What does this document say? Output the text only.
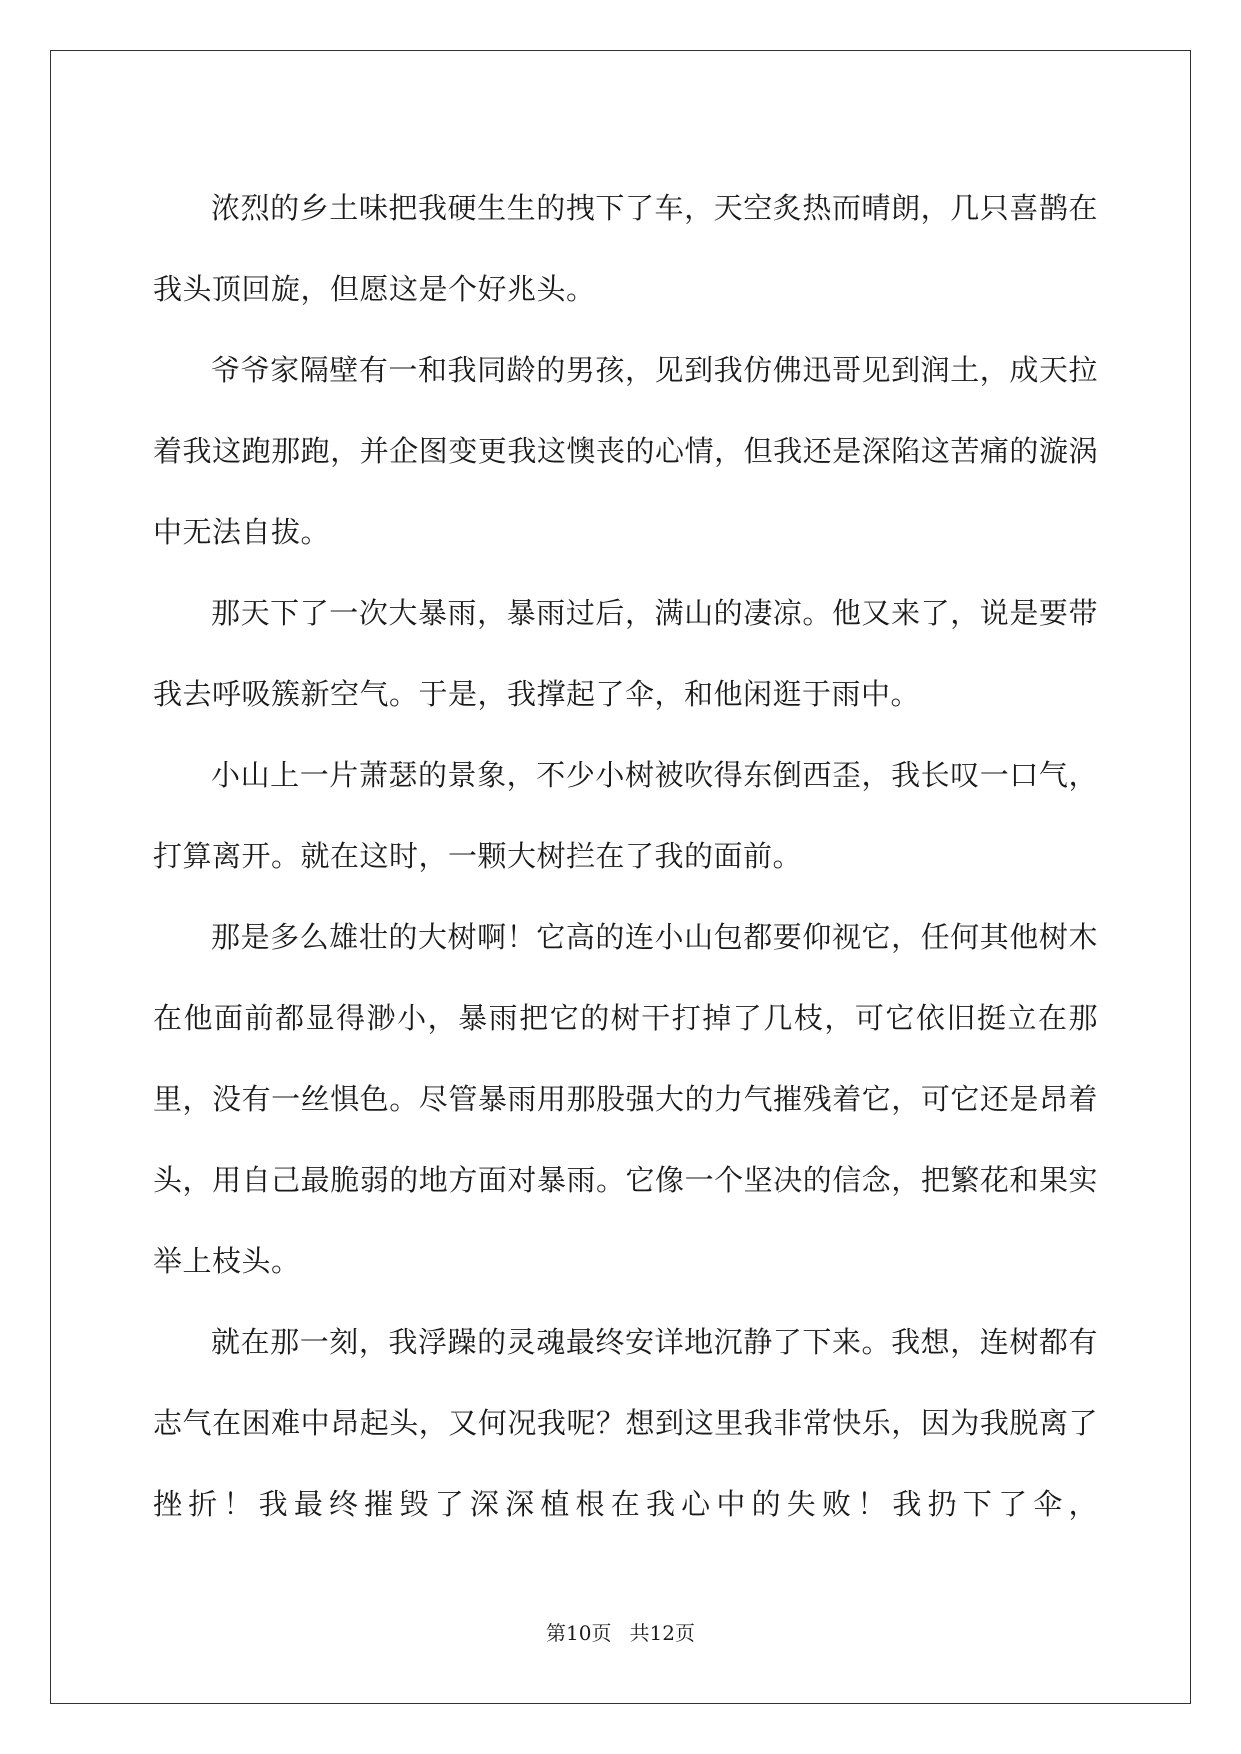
浓烈的乡土味把我硬生生的拽下了车，天空炙热而晴朗，几只喜鹊在我头顶回旋，但愿这是个好兆头。

爷爷家隔壁有一和我同龄的男孩，见到我仿佛迅哥见到润土，成天拉着我这跑那跑，并企图变更我这懊丧的心情，但我还是深陷这苦痛的漩涡中无法自拔。

那天下了一次大暴雨，暴雨过后，满山的凄凉。他又来了，说是要带我去呼吸簇新空气。于是，我撑起了伞，和他闲逛于雨中。

小山上一片萧瑟的景象，不少小树被吹得东倒西歪，我长叹一口气，打算离开。就在这时，一颗大树拦在了我的面前。

那是多么雄壮的大树啊！它高的连小山包都要仰视它，任何其他树木在他面前都显得渺小，暴雨把它的树干打掉了几枝，可它依旧挺立在那里，没有一丝惧色。尽管暴雨用那股强大的力气摧残着它，可它还是昂着头，用自己最脆弱的地方面对暴雨。它像一个坚决的信念，把繁花和果实举上枝头。

就在那一刻，我浮躁的灵魂最终安详地沉静了下来。我想，连树都有志气在困难中昂起头，又何况我呢？想到这里我非常快乐，因为我脱离了挫折！我最终摧毁了深深植根在我心中的失败！我扔下了伞，

第10页 共12页
